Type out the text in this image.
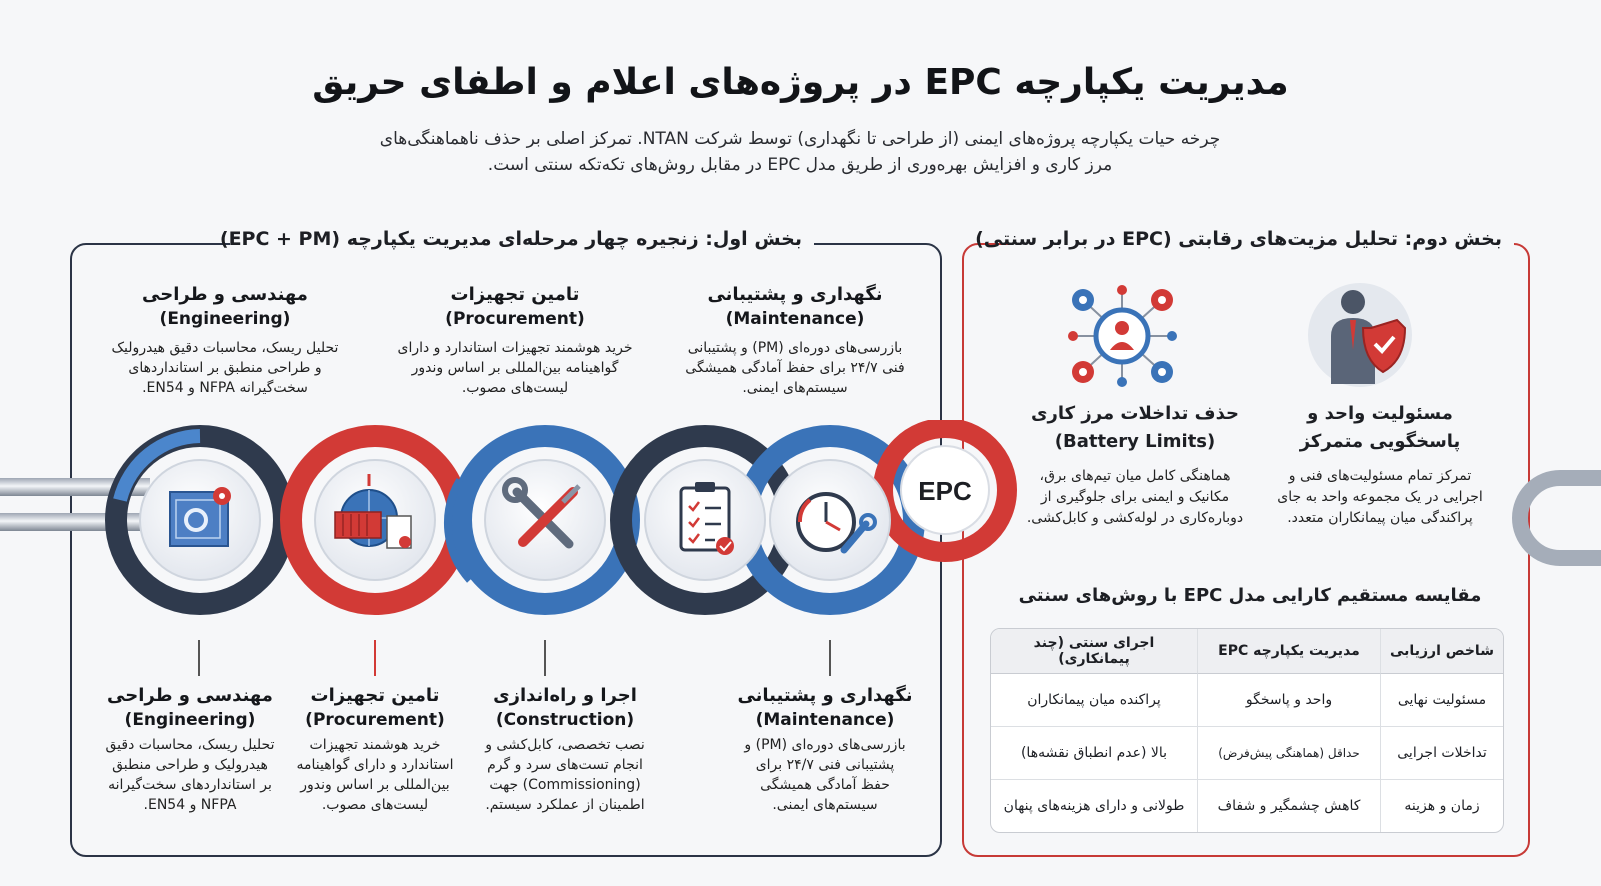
مدیریت یکپارچه EPC در پروژه‌های اعلام و اطفای حریق
چرخه حیات یکپارچه پروژه‌های ایمنی (از طراحی تا نگهداری) توسط شرکت NTAN. تمرکز اصلی بر حذف ناهماهنگی‌های
مرز کاری و افزایش بهره‌وری از طریق مدل EPC در مقابل روش‌های تکه‌تکه سنتی است.
بخش اول: زنجیره چهار مرحله‌ای مدیریت یکپارچه (EPC + PM)	بخش دوم: تحلیل مزیت‌های رقابتی (EPC در برابر سنتی)
نگهداری و پشتیبانی
(Maintenance)
بازرسی‌های دوره‌ای (PM) و پشتیبانی
فنی ۲۴/۷ برای حفظ آمادگی همیشگی
سیستم‌های ایمنی.
تامین تجهیزات
(Procurement)
خرید هوشمند تجهیزات استاندارد و دارای
گواهینامه بین‌المللی بر اساس وندور
لیست‌های مصوب.
مهندسی و طراحی
(Engineering)
تحلیل ریسک، محاسبات دقیق هیدرولیک
و طراحی منطبق بر استانداردهای
سخت‌گیرانه NFPA و EN54.
EPC
نگهداری و پشتیبانی
(Maintenance)
بازرسی‌های دوره‌ای (PM) و
پشتیبانی فنی ۲۴/۷ برای
حفظ آمادگی همیشگی
سیستم‌های ایمنی.
اجرا و راه‌اندازی
(Construction)
نصب تخصصی، کابل‌کشی و
انجام تست‌های سرد و گرم
(Commissioning) جهت
اطمینان از عملکرد سیستم.
تامین تجهیزات
(Procurement)
خرید هوشمند تجهیزات
استاندارد و دارای گواهینامه
بین‌المللی بر اساس وندور
لیست‌های مصوب.
مهندسی و طراحی
(Engineering)
تحلیل ریسک، محاسبات دقیق
هیدرولیک و طراحی منطبق
بر استانداردهای سخت‌گیرانه
NFPA و EN54.
مسئولیت واحد و
پاسخگویی متمرکز
تمرکز تمام مسئولیت‌های فنی و
اجرایی در یک مجموعه واحد به جای
پراکندگی میان پیمانکاران متعدد.
حذف تداخلات مرز کاری
(Battery Limits)
هماهنگی کامل میان تیم‌های برق،
مکانیک و ایمنی برای جلوگیری از
دوباره‌کاری در لوله‌کشی و کابل‌کشی.
مقایسه مستقیم کارایی مدل EPC با روش‌های سنتی
شاخص ارزیابی	مدیریت یکپارچه EPC	اجرای سنتی (چند پیمانکاری)
مسئولیت نهایی	واحد و پاسخگو	پراکنده میان پیمانکاران
تداخلات اجرایی	حداقل (هماهنگی پیش‌فرض)	بالا (عدم انطباق نقشه‌ها)
زمان و هزینه	کاهش چشمگیر و شفاف	طولانی و دارای هزینه‌های پنهان
